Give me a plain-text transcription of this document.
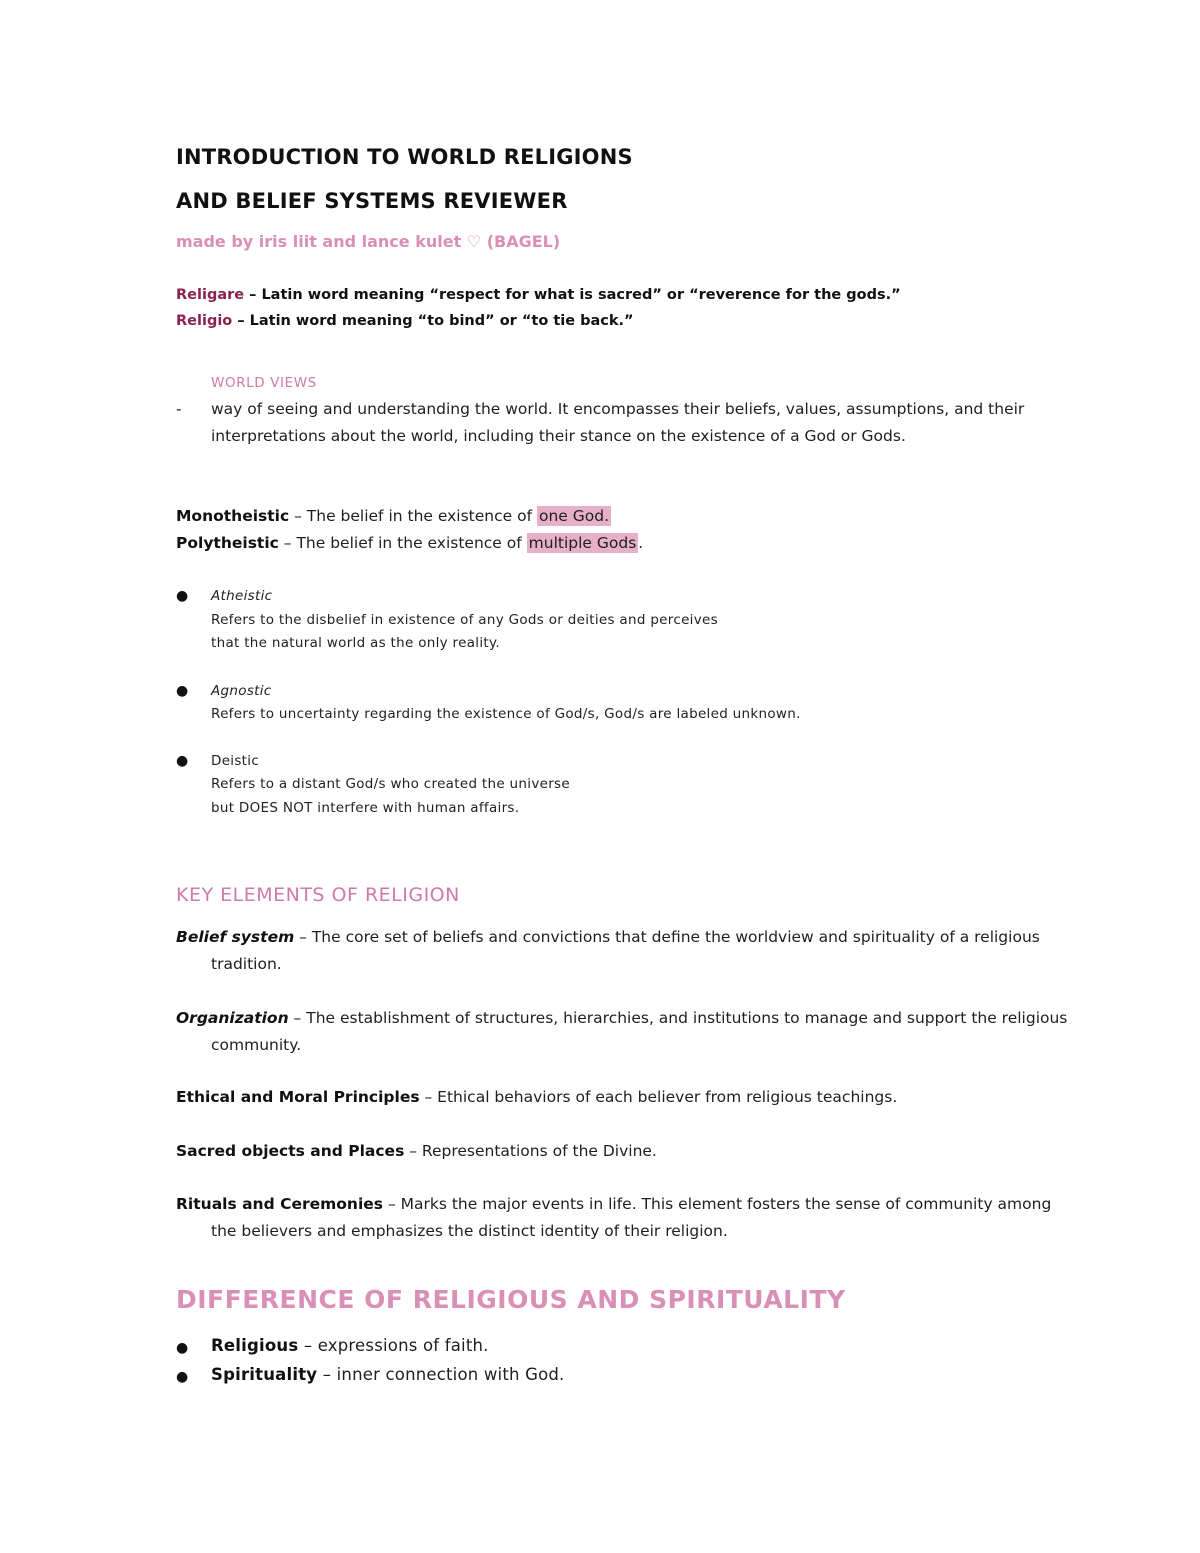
INTRODUCTION TO WORLD RELIGIONS
AND BELIEF SYSTEMS REVIEWER
made by iris liit and lance kulet ♡ (BAGEL)
Religare – Latin word meaning “respect for what is sacred” or “reverence for the gods.”
Religio – Latin word meaning “to bind” or “to tie back.”
WORLD VIEWS
- way of seeing and understanding the world. It encompasses their beliefs, values, assumptions, and their
interpretations about the world, including their stance on the existence of a God or Gods.
Monotheistic – The belief in the existence of one God.
Polytheistic – The belief in the existence of multiple Gods .
● Atheistic
Refers to the disbelief in existence of any Gods or deities and perceives
that the natural world as the only reality.
● Agnostic
Refers to uncertainty regarding the existence of God/s, God/s are labeled unknown.
● Deistic
Refers to a distant God/s who created the universe
but DOES NOT interfere with human affairs.
KEY ELEMENTS OF RELIGION
Belief system – The core set of beliefs and convictions that define the worldview and spirituality of a religious
tradition.
Organization – The establishment of structures, hierarchies, and institutions to manage and support the religious
community.
Ethical and Moral Principles – Ethical behaviors of each believer from religious teachings.
Sacred objects and Places – Representations of the Divine.
Rituals and Ceremonies – Marks the major events in life. This element fosters the sense of community among
the believers and emphasizes the distinct identity of their religion.
DIFFERENCE OF RELIGIOUS AND SPIRITUALITY
● Religious – expressions of faith.
● Spirituality – inner connection with God.
